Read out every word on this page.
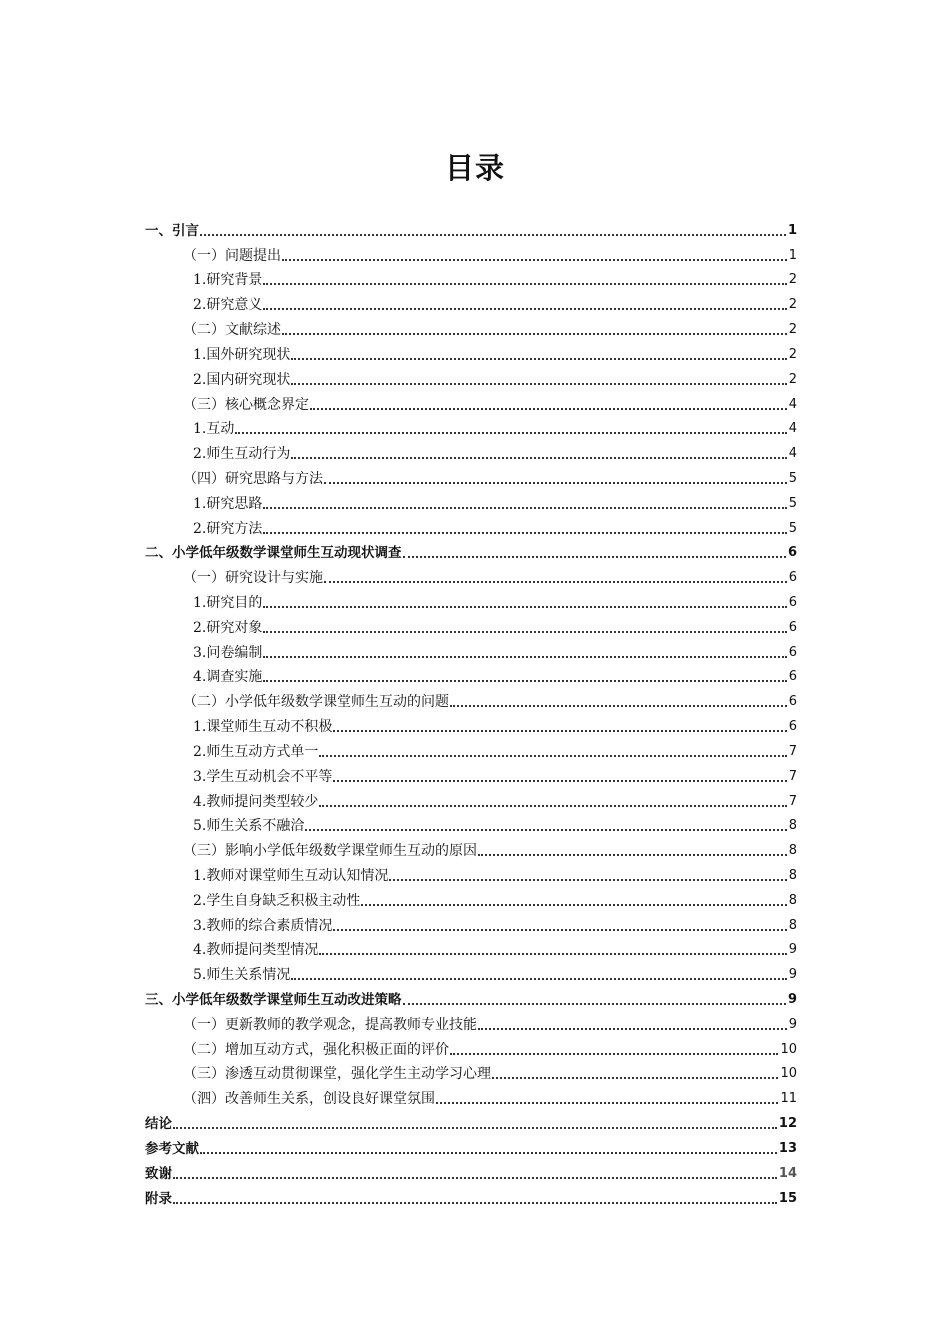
目录
一、引言	1
（一）问题提出	1
1.研究背景	2
2.研究意义	2
（二）文献综述	2
1.国外研究现状	2
2.国内研究现状	2
（三）核心概念界定	4
1.互动	4
2.师生互动行为	4
（四）研究思路与方法	5
1.研究思路	5
2.研究方法	5
二、小学低年级数学课堂师生互动现状调查	6
（一）研究设计与实施	6
1.研究目的	6
2.研究对象	6
3.问卷编制	6
4.调查实施	6
（二）小学低年级数学课堂师生互动的问题	6
1.课堂师生互动不积极	6
2.师生互动方式单一	7
3.学生互动机会不平等	7
4.教师提问类型较少	7
5.师生关系不融洽	8
（三）影响小学低年级数学课堂师生互动的原因	8
1.教师对课堂师生互动认知情况	8
2.学生自身缺乏积极主动性	8
3.教师的综合素质情况	8
4.教师提问类型情况	9
5.师生关系情况	9
三、小学低年级数学课堂师生互动改进策略	9
（一）更新教师的教学观念，提高教师专业技能	9
（二）增加互动方式，强化积极正面的评价	10
（三）渗透互动贯彻课堂，强化学生主动学习心理	10
（泗）改善师生关系，创设良好课堂氛围	11
结论	12
参考文献	13
致谢	14
附录	15
